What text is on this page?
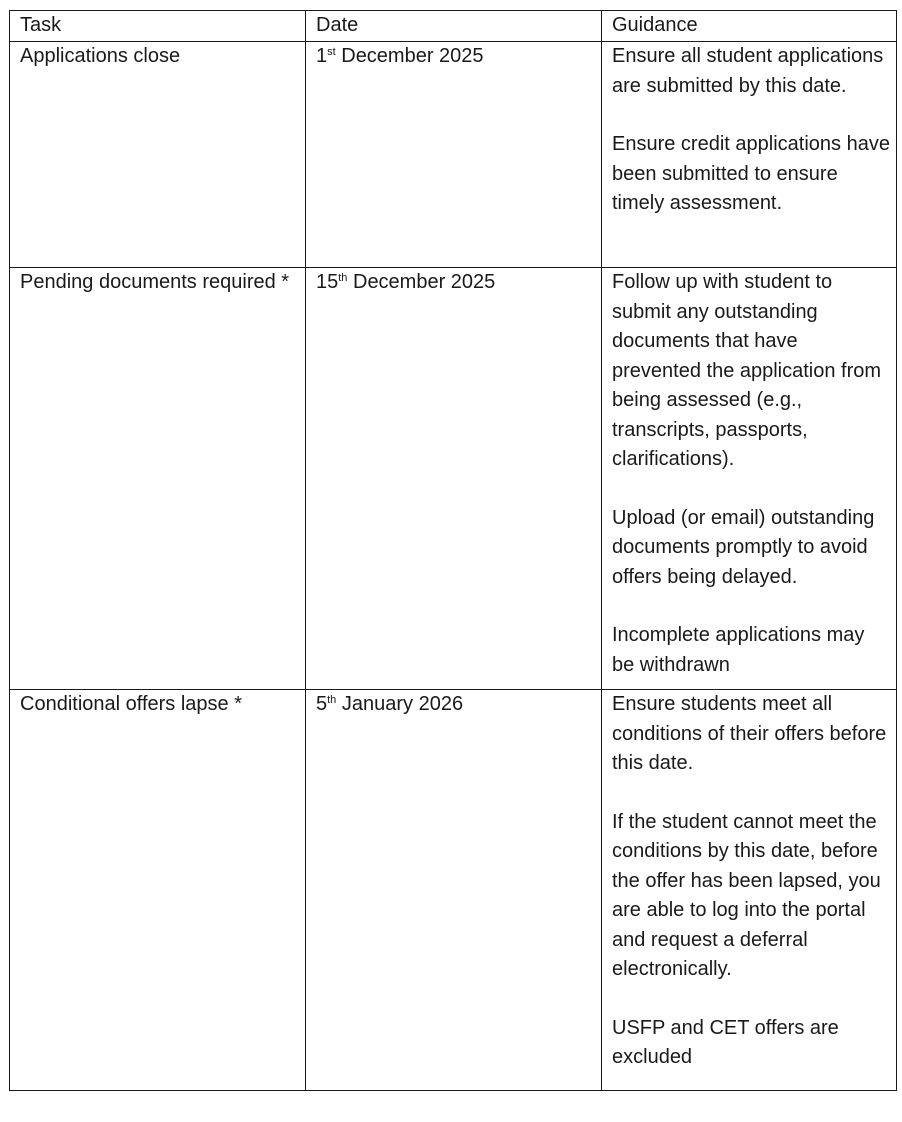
Task	Date	Guidance
Applications close	1st December 2025	Ensure all student applications are submitted by this date.

Ensure credit applications have been submitted to ensure timely assessment.

Pending documents required *	15th December 2025	Follow up with student to submit any outstanding documents that have prevented the application from being assessed (e.g., transcripts, passports, clarifications).

Upload (or email) outstanding documents promptly to avoid offers being delayed.

Incomplete applications may be withdrawn

Conditional offers lapse *	5th January 2026	Ensure students meet all conditions of their offers before this date.

If the student cannot meet the conditions by this date, before the offer has been lapsed, you are able to log into the portal and request a deferral electronically.

USFP and CET offers are excluded
